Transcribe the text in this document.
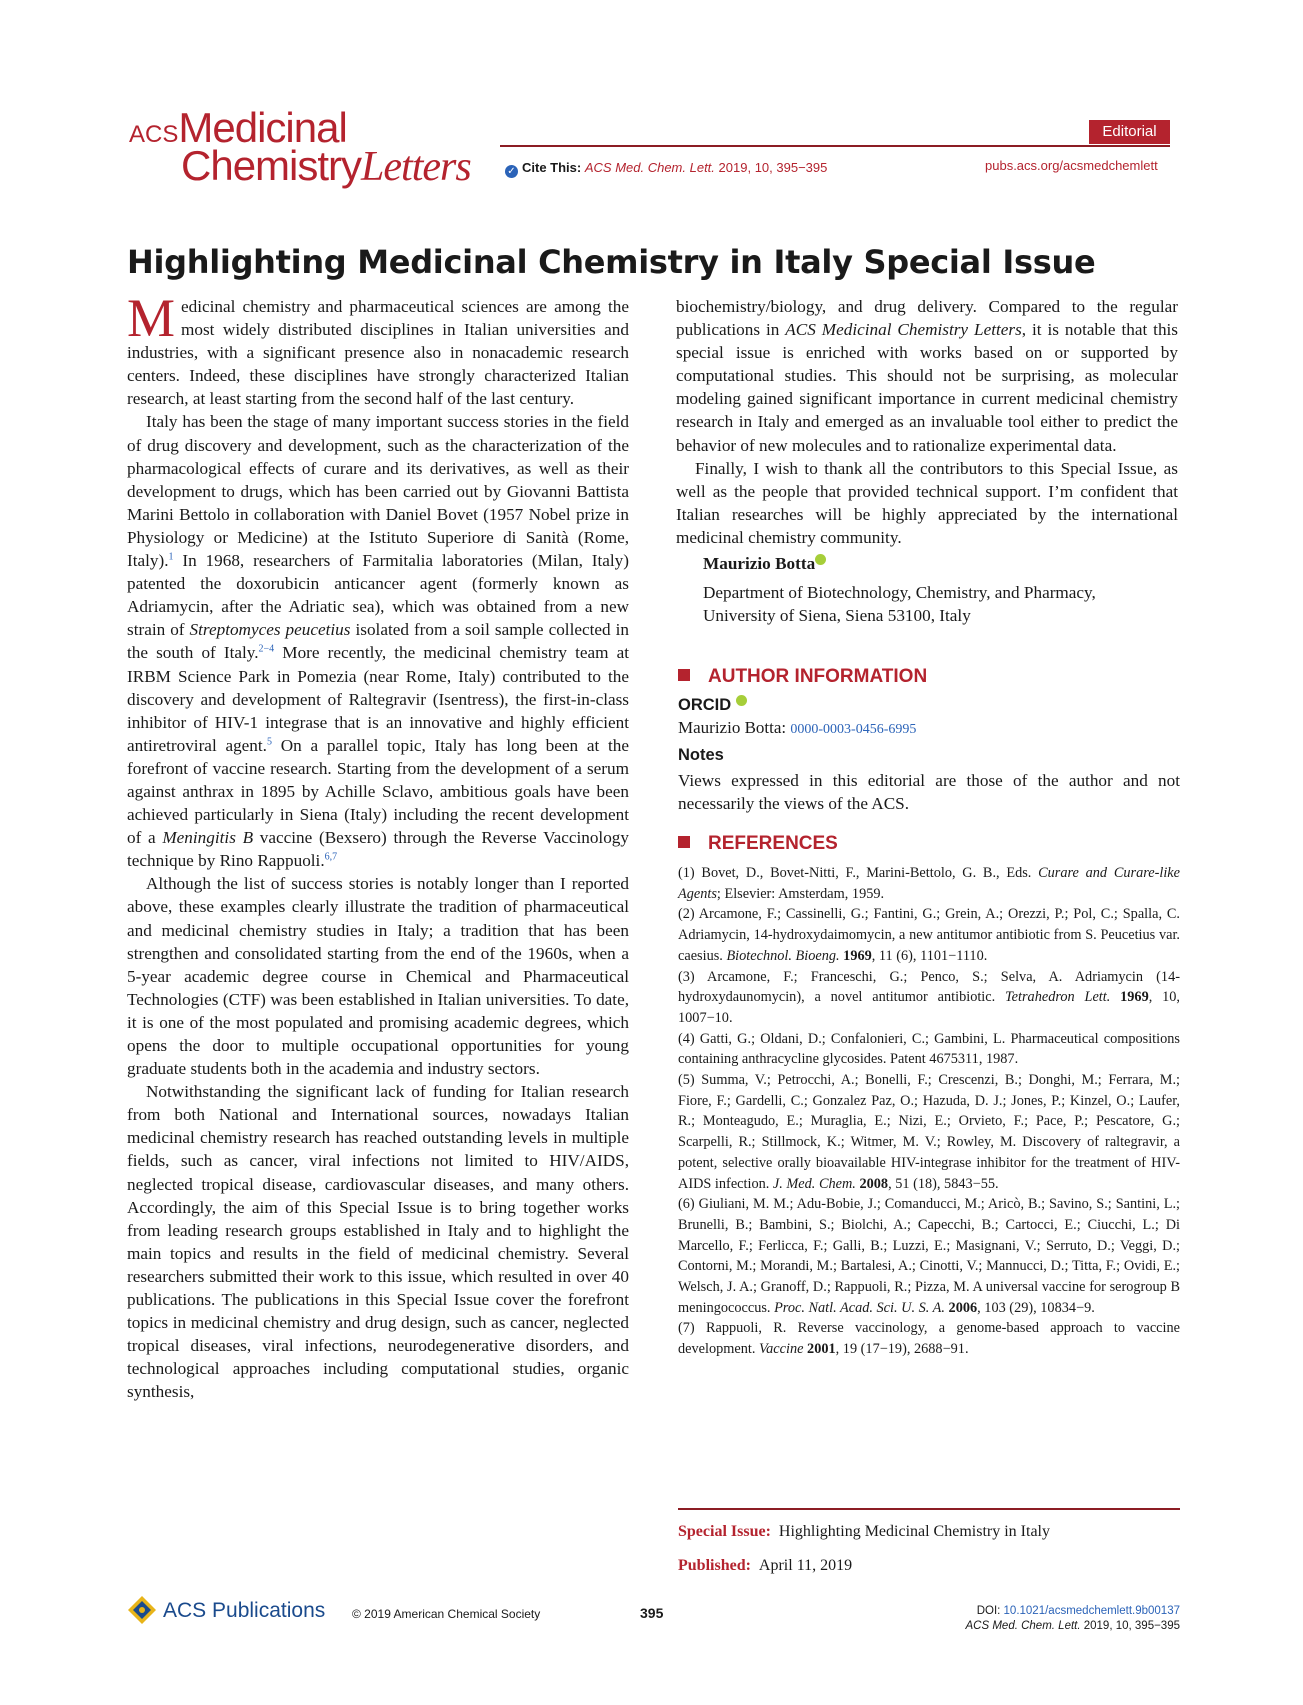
ACSMedicinal
ChemistryLetters
Editorial
✓ Cite This: ACS Med. Chem. Lett. 2019, 10, 395−395	pubs.acs.org/acsmedchemlett
Highlighting Medicinal Chemistry in Italy Special Issue

Medicinal chemistry and pharmaceutical sciences are among the most widely distributed disciplines in Italian universities and industries, with a significant presence also in nonacademic research centers. Indeed, these disciplines have strongly characterized Italian research, at least starting from the second half of the last century.

Italy has been the stage of many important success stories in the field of drug discovery and development, such as the characterization of the pharmacological effects of curare and its derivatives, as well as their development to drugs, which has been carried out by Giovanni Battista Marini Bettolo in collaboration with Daniel Bovet (1957 Nobel prize in Physiology or Medicine) at the Istituto Superiore di Sanità (Rome, Italy).$^1$ In 1968, researchers of Farmitalia laboratories (Milan, Italy) patented the doxorubicin anticancer agent (formerly known as Adriamycin, after the Adriatic sea), which was obtained from a new strain of Streptomyces peucetius isolated from a soil sample collected in the south of Italy.$^{2-4}$ More recently, the medicinal chemistry team at IRBM Science Park in Pomezia (near Rome, Italy) contributed to the discovery and development of Raltegravir (Isentress), the first-in-class inhibitor of HIV-1 integrase that is an innovative and highly efficient antiretroviral agent.$^5$ On a parallel topic, Italy has long been at the forefront of vaccine research. Starting from the development of a serum against anthrax in 1895 by Achille Sclavo, ambitious goals have been achieved particularly in Siena (Italy) including the recent development of a Meningitis B vaccine (Bexsero) through the Reverse Vaccinology technique by Rino Rappuoli.$^{6,7}$

Although the list of success stories is notably longer than I reported above, these examples clearly illustrate the tradition of pharmaceutical and medicinal chemistry studies in Italy; a tradition that has been strengthen and consolidated starting from the end of the 1960s, when a 5-year academic degree course in Chemical and Pharmaceutical Technologies (CTF) was been established in Italian universities. To date, it is one of the most populated and promising academic degrees, which opens the door to multiple occupational opportunities for young graduate students both in the academia and industry sectors.

Notwithstanding the significant lack of funding for Italian research from both National and International sources, nowadays Italian medicinal chemistry research has reached outstanding levels in multiple fields, such as cancer, viral infections not limited to HIV/AIDS, neglected tropical disease, cardiovascular diseases, and many others. Accordingly, the aim of this Special Issue is to bring together works from leading research groups established in Italy and to highlight the main topics and results in the field of medicinal chemistry. Several researchers submitted their work to this issue, which resulted in over 40 publications. The publications in this Special Issue cover the forefront topics in medicinal chemistry and drug design, such as cancer, neglected tropical diseases, viral infections, neurodegenerative disorders, and technological approaches including computational studies, organic synthesis,

biochemistry/biology, and drug delivery. Compared to the regular publications in ACS Medicinal Chemistry Letters, it is notable that this special issue is enriched with works based on or supported by computational studies. This should not be surprising, as molecular modeling gained significant importance in current medicinal chemistry research in Italy and emerged as an invaluable tool either to predict the behavior of new molecules and to rationalize experimental data.

Finally, I wish to thank all the contributors to this Special Issue, as well as the people that provided technical support. I’m confident that Italian researches will be highly appreciated by the international medicinal chemistry community.

Maurizio Botta

Department of Biotechnology, Chemistry, and Pharmacy,
University of Siena, Siena 53100, Italy

AUTHOR INFORMATION
ORCID
Maurizio Botta: 0000-0003-0456-6995
Notes
Views expressed in this editorial are those of the author and not necessarily the views of the ACS.
REFERENCES
(1) Bovet, D., Bovet-Nitti, F., Marini-Bettolo, G. B., Eds. Curare and Curare-like Agents; Elsevier: Amsterdam, 1959.
(2) Arcamone, F.; Cassinelli, G.; Fantini, G.; Grein, A.; Orezzi, P.; Pol, C.; Spalla, C. Adriamycin, 14-hydroxydaimomycin, a new antitumor antibiotic from S. Peucetius var. caesius. Biotechnol. Bioeng. 1969, 11 (6), 1101−1110.
(3) Arcamone, F.; Franceschi, G.; Penco, S.; Selva, A. Adriamycin (14-hydroxydaunomycin), a novel antitumor antibiotic. Tetrahedron Lett. 1969, 10, 1007−10.
(4) Gatti, G.; Oldani, D.; Confalonieri, C.; Gambini, L. Pharmaceutical compositions containing anthracycline glycosides. Patent 4675311, 1987.
(5) Summa, V.; Petrocchi, A.; Bonelli, F.; Crescenzi, B.; Donghi, M.; Ferrara, M.; Fiore, F.; Gardelli, C.; Gonzalez Paz, O.; Hazuda, D. J.; Jones, P.; Kinzel, O.; Laufer, R.; Monteagudo, E.; Muraglia, E.; Nizi, E.; Orvieto, F.; Pace, P.; Pescatore, G.; Scarpelli, R.; Stillmock, K.; Witmer, M. V.; Rowley, M. Discovery of raltegravir, a potent, selective orally bioavailable HIV-integrase inhibitor for the treatment of HIV-AIDS infection. J. Med. Chem. 2008, 51 (18), 5843−55.
(6) Giuliani, M. M.; Adu-Bobie, J.; Comanducci, M.; Aricò, B.; Savino, S.; Santini, L.; Brunelli, B.; Bambini, S.; Biolchi, A.; Capecchi, B.; Cartocci, E.; Ciucchi, L.; Di Marcello, F.; Ferlicca, F.; Galli, B.; Luzzi, E.; Masignani, V.; Serruto, D.; Veggi, D.; Contorni, M.; Morandi, M.; Bartalesi, A.; Cinotti, V.; Mannucci, D.; Titta, F.; Ovidi, E.; Welsch, J. A.; Granoff, D.; Rappuoli, R.; Pizza, M. A universal vaccine for serogroup B meningococcus. Proc. Natl. Acad. Sci. U. S. A. 2006, 103 (29), 10834−9.
(7) Rappuoli, R. Reverse vaccinology, a genome-based approach to vaccine development. Vaccine 2001, 19 (17−19), 2688−91.
Special Issue: Highlighting Medicinal Chemistry in Italy
Published: April 11, 2019
ACS Publications © 2019 American Chemical Society	395	DOI: 10.1021/acsmedchemlett.9b00137
ACS Med. Chem. Lett. 2019, 10, 395−395
